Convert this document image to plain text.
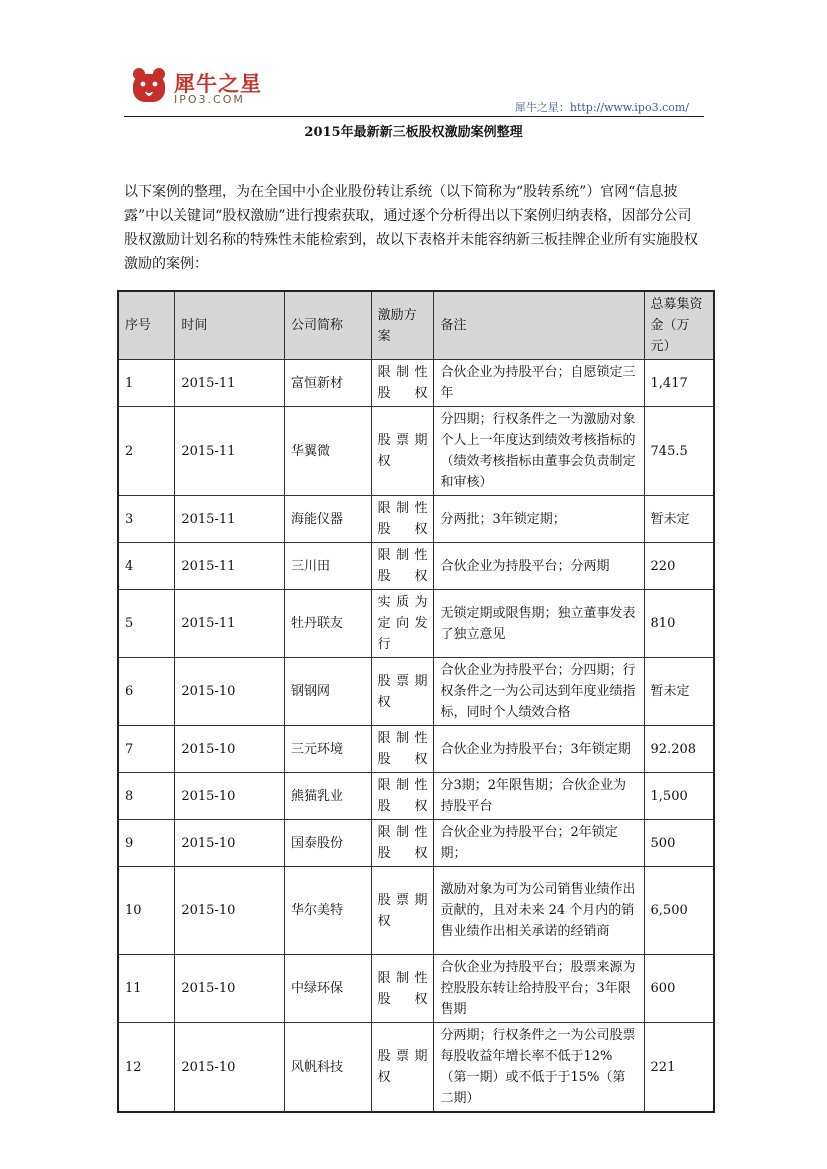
犀牛之星
IPO3.COM
犀牛之星：http://www.ipo3.com/
2015年最新新三板股权激励案例整理
以下案例的整理，为在全国中小企业股份转让系统（以下简称为“股转系统”）官网“信息披露”中以关键词“股权激励”进行搜索获取，通过逐个分析得出以下案例归纳表格，因部分公司股权激励计划名称的特殊性未能检索到，故以下表格并未能容纳新三板挂牌企业所有实施股权激励的案例：
序号	时间	公司简称	激励方案	备注	总募集资金（万元）
1	2015-11	富恒新材	限制性股权	合伙企业为持股平台；自愿锁定三年	1,417
2	2015-11	华翼微	股票期权	分四期；行权条件之一为激励对象个人上一年度达到绩效考核指标的（绩效考核指标由董事会负责制定和审核）	745.5
3	2015-11	海能仪器	限制性股权	分两批；3年锁定期；	暂未定
4	2015-11	三川田	限制性股权	合伙企业为持股平台；分两期	220
5	2015-11	牡丹联友	实质为定向发行	无锁定期或限售期；独立董事发表了独立意见	810
6	2015-10	钢钢网	股票期权	合伙企业为持股平台；分四期；行权条件之一为公司达到年度业绩指标，同时个人绩效合格	暂未定
7	2015-10	三元环境	限制性股权	合伙企业为持股平台；3年锁定期	92.208
8	2015-10	熊猫乳业	限制性股权	分3期；2年限售期；合伙企业为持股平台	1,500
9	2015-10	国泰股份	限制性股权	合伙企业为持股平台；2年锁定期；	500
10	2015-10	华尔美特	股票期权	激励对象为可为公司销售业绩作出贡献的，且对未来 24 个月内的销售业绩作出相关承诺的经销商	6,500
11	2015-10	中绿环保	限制性股权	合伙企业为持股平台；股票来源为控股股东转让给持股平台；3年限售期	600
12	2015-10	风帆科技	股票期权	分两期；行权条件之一为公司股票每股收益年增长率不低于12%（第一期）或不低于于15%（第二期）	221
